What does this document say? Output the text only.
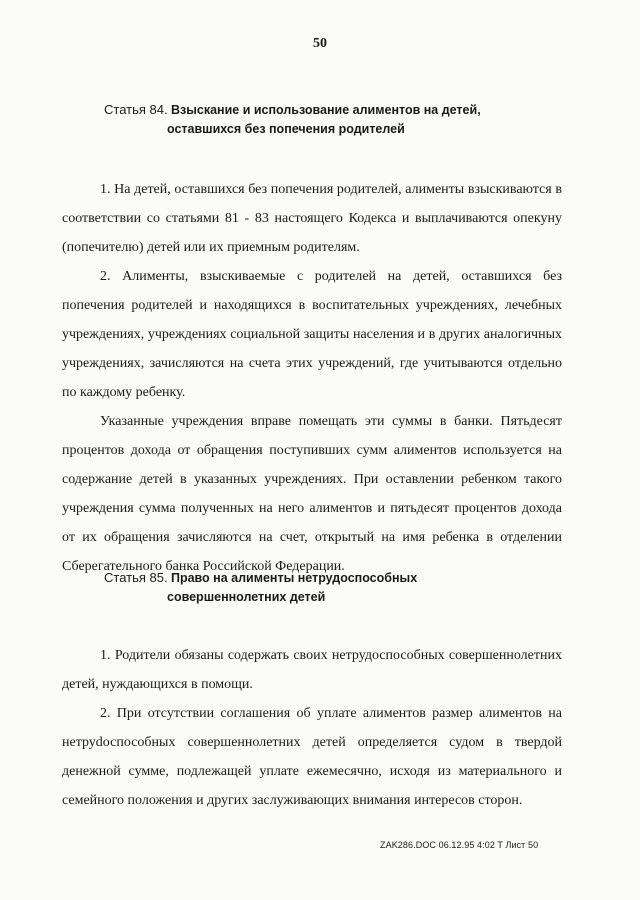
50
Статья 84. Взыскание и использование алиментов на детей,
оставшихся без попечения родителей

1. На детей, оставшихся без попечения родителей, алименты взыскиваются в соответствии со статьями 81 - 83 настоящего Кодекса и выплачиваются опекуну (попечителю) детей или их приемным родителям.

2. Алименты, взыскиваемые с родителей на детей, оставшихся без попечения родителей и находящихся в воспитательных учреждениях, лечебных учреждениях, учреждениях социальной защиты населения и в других аналогичных учреждениях, зачисляются на счета этих учреждений, где учитываются отдельно по каждому ребенку.

Указанные учреждения вправе помещать эти суммы в банки. Пятьдесят процентов дохода от обращения поступивших сумм алиментов используется на содержание детей в указанных учреждениях. При оставлении ребенком такого учреждения сумма полученных на него алиментов и пятьдесят процентов дохода от их обращения зачисляются на счет, открытый на имя ребенка в отделении Сберегательного банка Российской Федерации.

Статья 85. Право на алименты нетрудоспособных
совершеннолетних детей

1. Родители обязаны содержать своих нетрудоспособных совершеннолетних детей, нуждающихся в помощи.

2. При отсутствии соглашения об уплате алиментов размер алиментов на нетруdоспособных совершеннолетних детей определяется судом в твердой денежной сумме, подлежащей уплате ежемесячно, исходя из материального и семейного положения и других заслуживающих внимания интересов сторон.

ZAK286.DOC 06.12.95 4:02 T Лист 50
